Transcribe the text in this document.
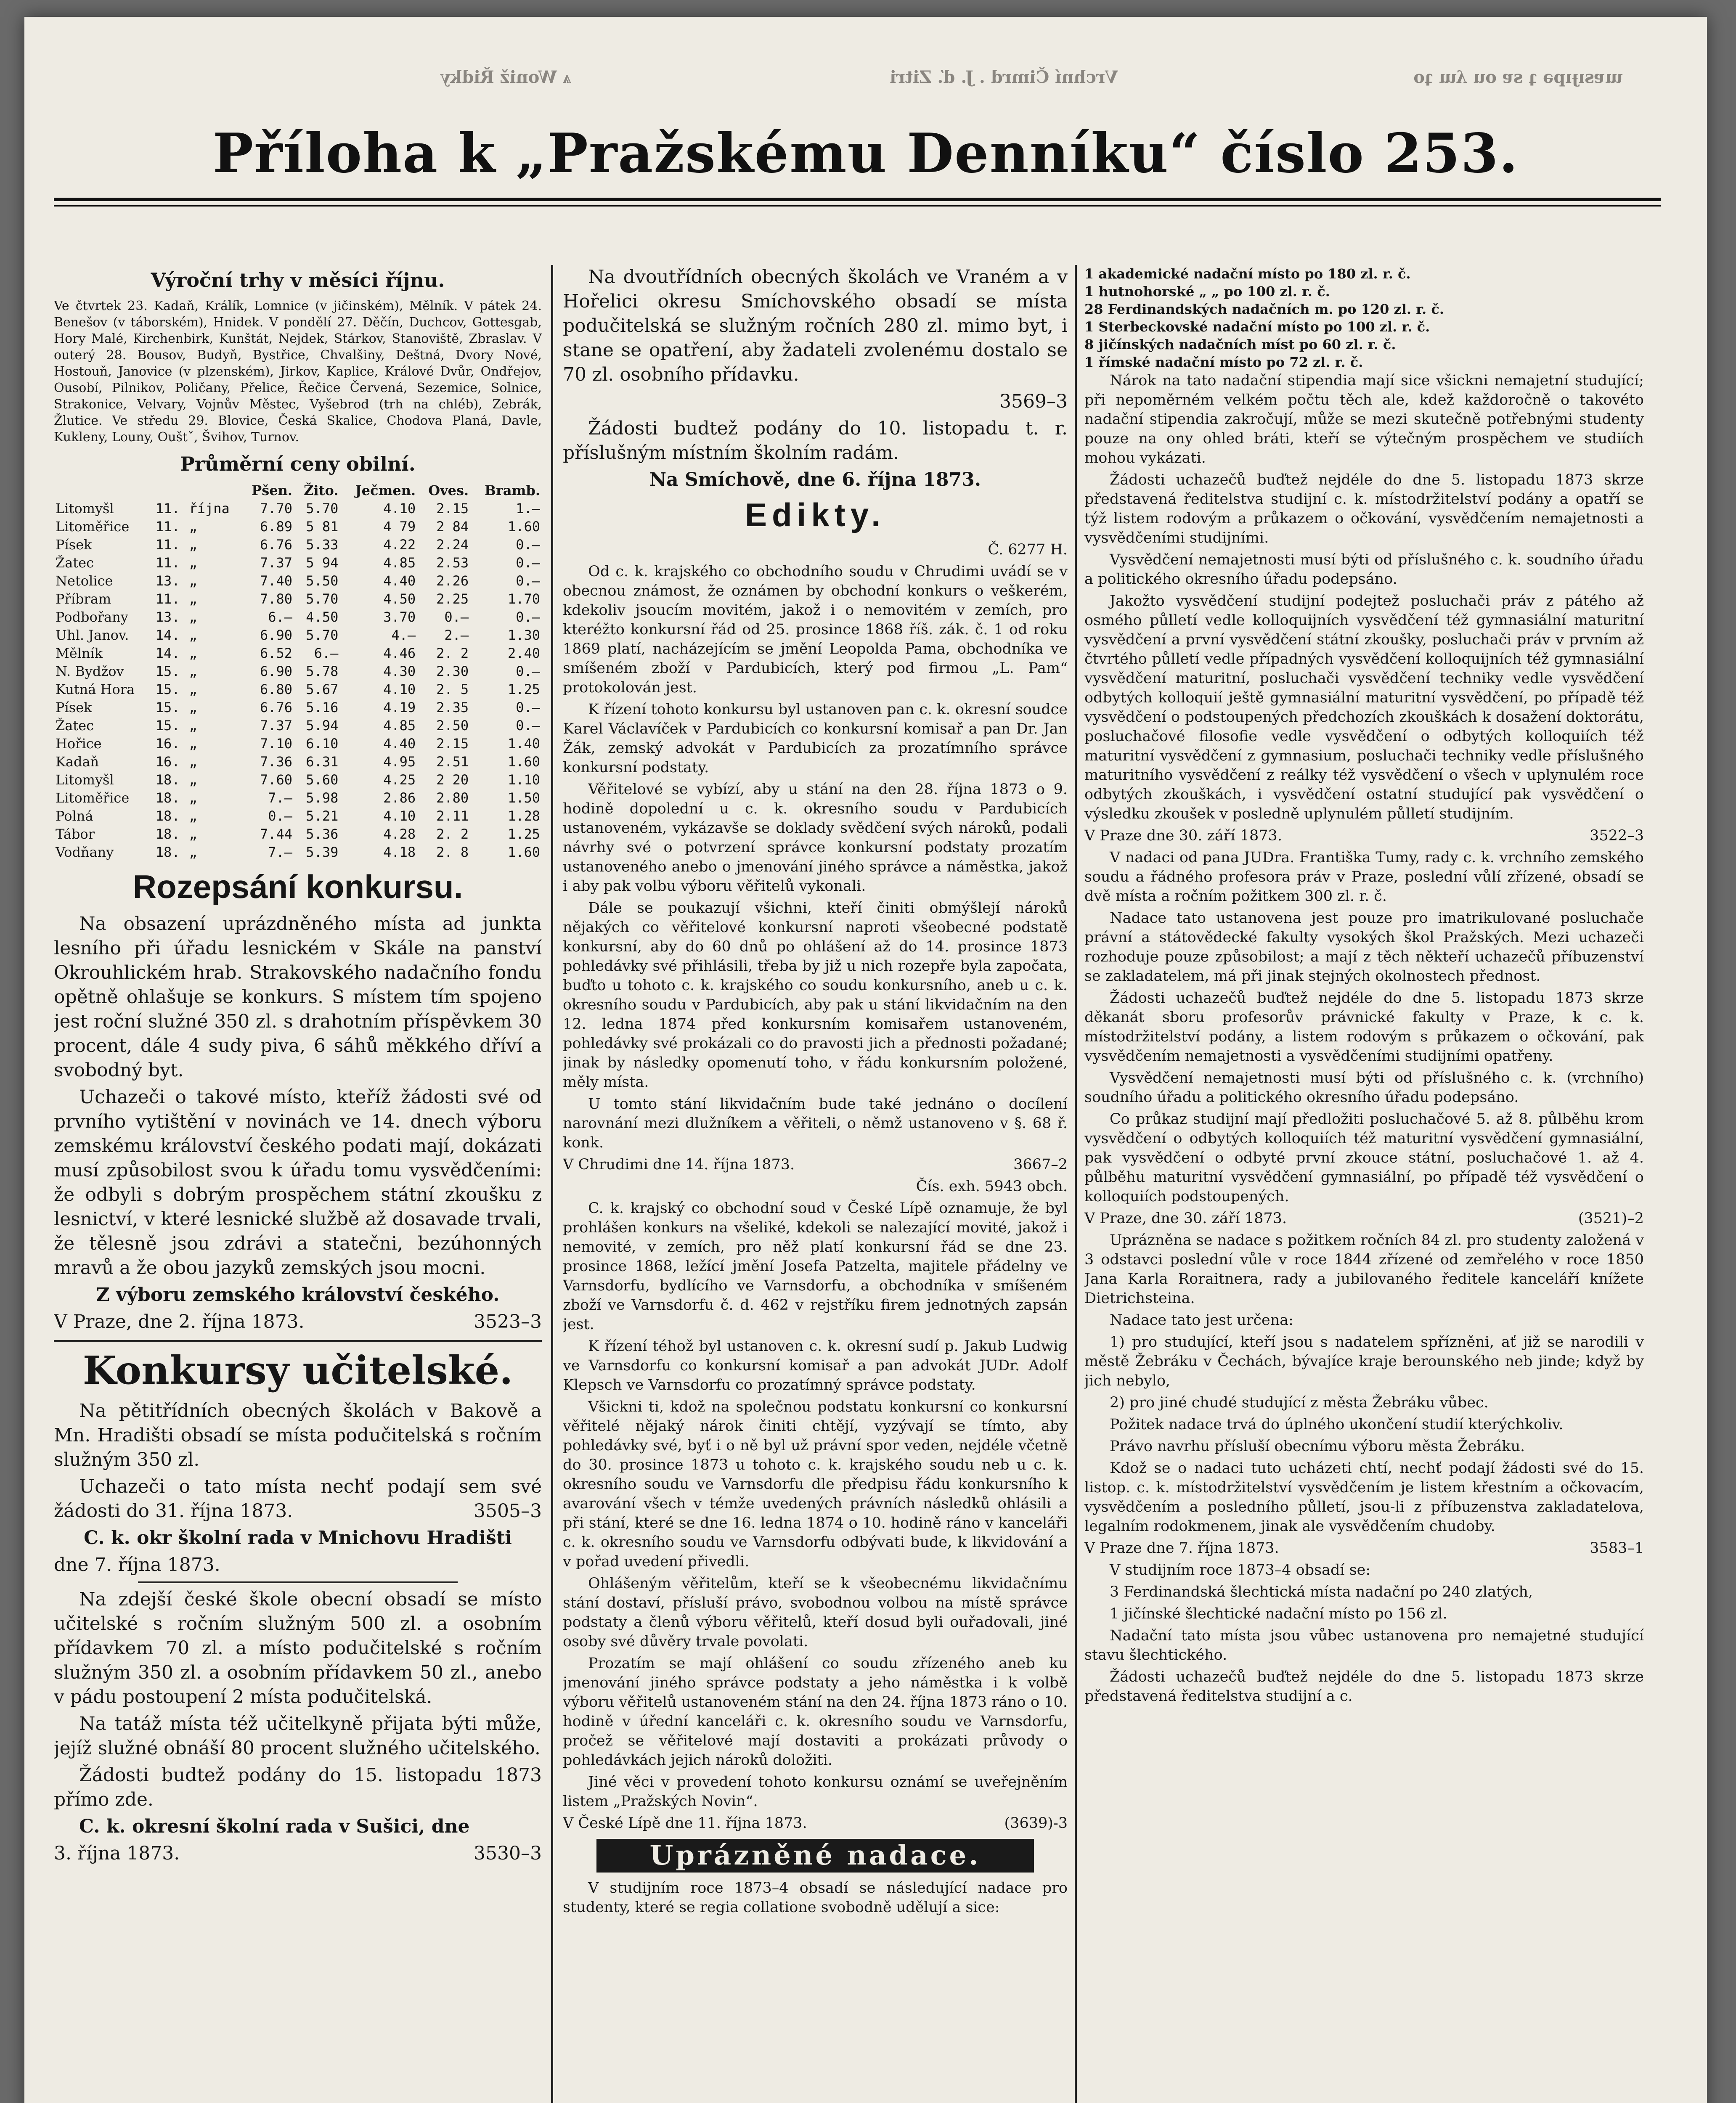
ѧ Woniž Řidky	Vrchní Čimrd . J. ď. Zitri	ɯɐsıɟıpǝ ʇ sɐ ou ʎɯ ʇo
Příloha k „Pražskému Denníku“ číslo 253.
Výroční trhy v měsíci říjnu.

Ve čtvrtek 23. Kadaň, Králík, Lomnice (v jičinském), Mělník. V pátek 24. Benešov (v táborském), Hnidek. V pondělí 27. Děčín, Duchcov, Gottesgab, Hory Malé, Kirchenbirk, Kunštát, Nejdek, Stárkov, Stanoviště, Zbraslav. V outerý 28. Bousov, Budyň, Bystřice, Chvalšiny, Deštná, Dvory Nové, Hostouň, Janovice (v plzenském), Jirkov, Kaplice, Králové Dvůr, Ondřejov, Ousobí, Pilnikov, Poličany, Přelice, Řečice Červená, Sezemice, Solnice, Strakonice, Velvary, Vojnův Městec, Vyšebrod (trh na chléb), Zebrák, Žlutice. Ve středu 29. Blovice, Česká Skalice, Chodova Planá, Davle, Kukleny, Louny, Ouštˇ, Švihov, Turnov.

Průměrní ceny obilní.
			Pšen.	Žito.	Ječmen.	Oves.	Bramb.
Litomyšl	11.	října	7.70	5.70	4.10	2.15	1.—
Litoměřice	11.	„	6.89	5 81	4 79	2 84	1.60
Písek	11.	„	6.76	5.33	4.22	2.24	0.—
Žatec	11.	„	7.37	5 94	4.85	2.53	0.—
Netolice	13.	„	7.40	5.50	4.40	2.26	0.—
Příbram	11.	„	7.80	5.70	4.50	2.25	1.70
Podbořany	13.	„	6.—	4.50	3.70	0.—	0.—
Uhl. Janov.	14.	„	6.90	5.70	4.—	2.—	1.30
Mělník	14.	„	6.52	6.—	4.46	2. 2	2.40
N. Bydžov	15.	„	6.90	5.78	4.30	2.30	0.—
Kutná Hora	15.	„	6.80	5.67	4.10	2. 5	1.25
Písek	15.	„	6.76	5.16	4.19	2.35	0.—
Žatec	15.	„	7.37	5.94	4.85	2.50	0.—
Hořice	16.	„	7.10	6.10	4.40	2.15	1.40
Kadaň	16.	„	7.36	6.31	4.95	2.51	1.60
Litomyšl	18.	„	7.60	5.60	4.25	2 20	1.10
Litoměřice	18.	„	7.—	5.98	2.86	2.80	1.50
Polná	18.	„	0.—	5.21	4.10	2.11	1.28
Tábor	18.	„	7.44	5.36	4.28	2. 2	1.25
Vodňany	18.	„	7.—	5.39	4.18	2. 8	1.60
Rozepsání konkursu.

Na obsazení uprázdněného místa ad junkta lesního při úřadu lesnickém v Skále na panství Okrouhlickém hrab. Strakovského nadačního fondu opětně ohlašuje se konkurs. S místem tím spojeno jest roční služné 350 zl. s drahotním příspěvkem 30 procent, dále 4 sudy piva, 6 sáhů měkkého dříví a svobodný byt.

Uchazeči o takové místo, kteříž žádosti své od prvního vytištění v novinách ve 14. dnech výboru zemskému království českého podati mají, dokázati musí způsobilost svou k úřadu tomu vysvědčeními: že odbyli s dobrým prospěchem státní zkoušku z lesnictví, v které lesnické službě až dosavade trvali, že tělesně jsou zdrávi a statečni, bezúhonných mravů a že obou jazyků zemských jsou mocni.

Z výboru zemského království českého.

V Praze, dne 2. října 1873.	3523–3

Konkursy učitelské.

Na pětitřídních obecných školách v Bakově a Mn. Hradišti obsadí se místa podučitelská s ročním služným 350 zl.

Uchazeči o tato místa nechť podají sem své žádosti do 31. října 1873.	3505–3

C. k. okr školní rada v Mnichovu Hradišti

dne 7. října 1873.

Na zdejší české škole obecní obsadí se místo učitelské s ročním služným 500 zl. a osobním přídavkem 70 zl. a místo podučitelské s ročním služným 350 zl. a osobním přídavkem 50 zl., anebo v pádu postoupení 2 místa podučitelská.

Na tatáž místa též učitelkyně přijata býti může, jejíž služné obnáší 80 procent služného učitelského.

Žádosti budtež podány do 15. listopadu 1873 přímo zde.

C. k. okresní školní rada v Sušici, dne

3. října 1873.	3530–3

Na dvoutřídních obecných školách ve Vraném a v Hořelici okresu Smíchovského obsadí se místa podučitelská se služným ročních 280 zl. mimo byt, i stane se opatření, aby žadateli zvolenému dostalo se 70 zl. osobního přídavku.

3569–3

Žádosti budtež podány do 10. listopadu t. r. příslušným místním školním radám.

Na Smíchově, dne 6. října 1873.

Edikty.

Č. 6277 H.

Od c. k. krajského co obchodního soudu v Chrudimi uvádí se v obecnou známost, že oznámen by obchodní konkurs o veškerém, kdekoliv jsoucím movitém, jakož i o nemovitém v zemích, pro kteréžto konkursní řád od 25. prosince 1868 říš. zák. č. 1 od roku 1869 platí, nacházejícím se jmění Leopolda Pama, obchodníka ve smíšeném zboží v Pardubicích, který pod firmou „L. Pam“ protokolován jest.

K řízení tohoto konkursu byl ustanoven pan c. k. okresní soudce Karel Václavíček v Pardubicích co konkursní komisař a pan Dr. Jan Žák, zemský advokát v Pardubicích za prozatímního správce konkursní podstaty.

Věřitelové se vybízí, aby u stání na den 28. října 1873 o 9. hodině dopolední u c. k. okresního soudu v Pardubicích ustanoveném, vykázavše se doklady svědčení svých nároků, podali návrhy své o potvrzení správce konkursní podstaty prozatím ustanoveného anebo o jmenování jiného správce a náměstka, jakož i aby pak volbu výboru věřitelů vykonali.

Dále se poukazují všichni, kteří činiti obmýšlejí nároků nějakých co věřitelové konkursní naproti všeobecné podstatě konkursní, aby do 60 dnů po ohlášení až do 14. prosince 1873 pohledávky své přihlásili, třeba by již u nich rozepře byla započata, buďto u tohoto c. k. krajského co soudu konkursního, aneb u c. k. okresního soudu v Pardubicích, aby pak u stání likvidačním na den 12. ledna 1874 před konkursním komisařem ustanoveném, pohledávky své prokázali co do pravosti jich a přednosti požadané; jinak by následky opomenutí toho, v řádu konkursním položené, měly místa.

U tomto stání likvidačním bude také jednáno o docílení narovnání mezi dlužníkem a věřiteli, o němž ustanoveno v §. 68 ř. konk.

V Chrudimi dne 14. října 1873.	3667–2

Čís. exh. 5943 obch.

C. k. krajský co obchodní soud v České Lípě oznamuje, že byl prohlášen konkurs na všeliké, kdekoli se nalezající movité, jakož i nemovité, v zemích, pro něž platí konkursní řád se dne 23. prosince 1868, ležící jmění Josefa Patzelta, majitele přádelny ve Varnsdorfu, bydlícího ve Varnsdorfu, a obchodníka v smíšeném zboží ve Varnsdorfu č. d. 462 v rejstříku firem jednotných zapsán jest.

K řízení téhož byl ustanoven c. k. okresní sudí p. Jakub Ludwig ve Varnsdorfu co konkursní komisař a pan advokát JUDr. Adolf Klepsch ve Varnsdorfu co prozatímný správce podstaty.

Všickni ti, kdož na společnou podstatu konkursní co konkursní věřitelé nějaký nárok činiti chtějí, vyzývají se tímto, aby pohledávky své, byť i o ně byl už právní spor veden, nejdéle včetně do 30. prosince 1873 u tohoto c. k. krajského soudu neb u c. k. okresního soudu ve Varnsdorfu dle předpisu řádu konkursního k avarování všech v témže uvedených právních následků ohlásili a při stání, které se dne 16. ledna 1874 o 10. hodině ráno v kanceláři c. k. okresního soudu ve Varnsdorfu odbývati bude, k likvidování a v pořad uvedení přivedli.

Ohlášeným věřitelům, kteří se k všeobecnému likvidačnímu stání dostaví, přísluší právo, svobodnou volbou na místě správce podstaty a členů výboru věřitelů, kteří dosud byli ouřadovali, jiné osoby své důvěry trvale povolati.

Prozatím se mají ohlášení co soudu zřízeného aneb ku jmenování jiného správce podstaty a jeho náměstka i k volbě výboru věřitelů ustanoveném stání na den 24. října 1873 ráno o 10. hodině v úřední kanceláři c. k. okresního soudu ve Varnsdorfu, pročež se věřitelové mají dostaviti a prokázati průvody o pohledávkách jejich nároků doložiti.

Jiné věci v provedení tohoto konkursu oznámí se uveřejněním listem „Pražských Novin“.

V České Lípě dne 11. října 1873.	(3639)-3

Uprázněné nadace.

V studijním roce 1873–4 obsadí se následující nadace pro studenty, které se regia collatione svobodně udělují a sice:

1 akademické nadační místo po 180 zl. r. č.
1 hutnohorské „ „ po 100 zl. r. č.
28 Ferdinandských nadačních m. po 120 zl. r. č.
1 Sterbeckovské nadační místo po 100 zl. r. č.
8 jičínských nadačních míst po 60 zl. r. č.
1 římské nadační místo po 72 zl. r. č.

Nárok na tato nadační stipendia mají sice všickni nemajetní studující; při nepoměrném velkém počtu těch ale, kdež každoročně o takovéto nadační stipendia zakročují, může se mezi skutečně potřebnými studenty pouze na ony ohled bráti, kteří se výtečným prospěchem ve studiích mohou vykázati.

Žádosti uchazečů buďtež nejdéle do dne 5. listopadu 1873 skrze představená ředitelstva studijní c. k. místodržitelství podány a opatří se týž listem rodovým a průkazem o očkování, vysvědčením nemajetnosti a vysvědčeními studijními.

Vysvědčení nemajetnosti musí býti od příslušného c. k. soudního úřadu a politického okresního úřadu podepsáno.

Jakožto vysvědčení studijní podejtež posluchači práv z pátého až osmého půlletí vedle kolloquijních vysvědčení též gymnasiální maturitní vysvědčení a první vysvědčení státní zkoušky, posluchači práv v prvním až čtvrtého půlletí vedle případných vysvědčení kolloquijních též gymnasiální vysvědčení maturitní, posluchači vysvědčení techniky vedle vysvědčení odbytých kolloquií ještě gymnasiální maturitní vysvědčení, po případě též vysvědčení o podstoupených předchozích zkouškách k dosažení doktorátu, posluchačové filosofie vedle vysvědčení o odbytých kolloquiích též maturitní vysvědčení z gymnasium, posluchači techniky vedle příslušného maturitního vysvědčení z reálky též vysvědčení o všech v uplynulém roce odbytých zkouškách, i vysvědčení ostatní studující pak vysvědčení o výsledku zkoušek v posledně uplynulém půlletí studijním.

V Praze dne 30. září 1873.	3522–3

V nadaci od pana JUDra. Františka Tumy, rady c. k. vrchního zemského soudu a řádného profesora práv v Praze, poslední vůlí zřízené, obsadí se dvě místa a ročním požitkem 300 zl. r. č.

Nadace tato ustanovena jest pouze pro imatrikulované posluchače právní a státovědecké fakulty vysokých škol Pražských. Mezi uchazeči rozhoduje pouze způsobilost; a mají z těch někteří uchazečů příbuzenství se zakladatelem, má při jinak stejných okolnostech přednost.

Žádosti uchazečů buďtež nejdéle do dne 5. listopadu 1873 skrze děkanát sboru profesorův právnické fakulty v Praze, k c. k. místodržitelství podány, a listem rodovým s průkazem o očkování, pak vysvědčením nemajetnosti a vysvědčeními studijními opatřeny.

Vysvědčení nemajetnosti musí býti od příslušného c. k. (vrchního) soudního úřadu a politického okresního úřadu podepsáno.

Co průkaz studijní mají předložiti posluchačové 5. až 8. půlběhu krom vysvědčení o odbytých kolloquiích též maturitní vysvědčení gymnasiální, pak vysvědčení o odbyté první zkouce státní, posluchačové 1. až 4. půlběhu maturitní vysvědčení gymnasiální, po případě též vysvědčení o kolloquiích podstoupených.

V Praze, dne 30. září 1873.	(3521)–2

Uprázněna se nadace s požitkem ročních 84 zl. pro studenty založená v 3 odstavci poslední vůle v roce 1844 zřízené od zemřelého v roce 1850 Jana Karla Roraitnera, rady a jubilovaného ředitele kanceláří knížete Dietrichsteina.

Nadace tato jest určena:

1) pro studující, kteří jsou s nadatelem spřízněni, ať již se narodili v městě Žebráku v Čechách, bývajíce kraje berounského neb jinde; když by jich nebylo,

2) pro jiné chudé studující z města Žebráku vůbec.

Požitek nadace trvá do úplného ukončení studií kterýchkoliv.

Právo navrhu přísluší obecnímu výboru města Žebráku.

Kdož se o nadaci tuto ucházeti chtí, nechť podají žádosti své do 15. listop. c. k. místodržitelství vysvědčením je listem křestním a očkovacím, vysvědčením a posledního půlletí, jsou-li z příbuzenstva zakladatelova, legalním rodokmenem, jinak ale vysvědčením chudoby.

V Praze dne 7. října 1873.	3583–1

V studijním roce 1873–4 obsadí se:

3 Ferdinandská šlechtická místa nadační po 240 zlatých,

1 jičínské šlechtické nadační místo po 156 zl.

Nadační tato místa jsou vůbec ustanovena pro nemajetné studující stavu šlechtického.

Žádosti uchazečů buďtež nejdéle do dne 5. listopadu 1873 skrze představená ředitelstva studijní a c.
